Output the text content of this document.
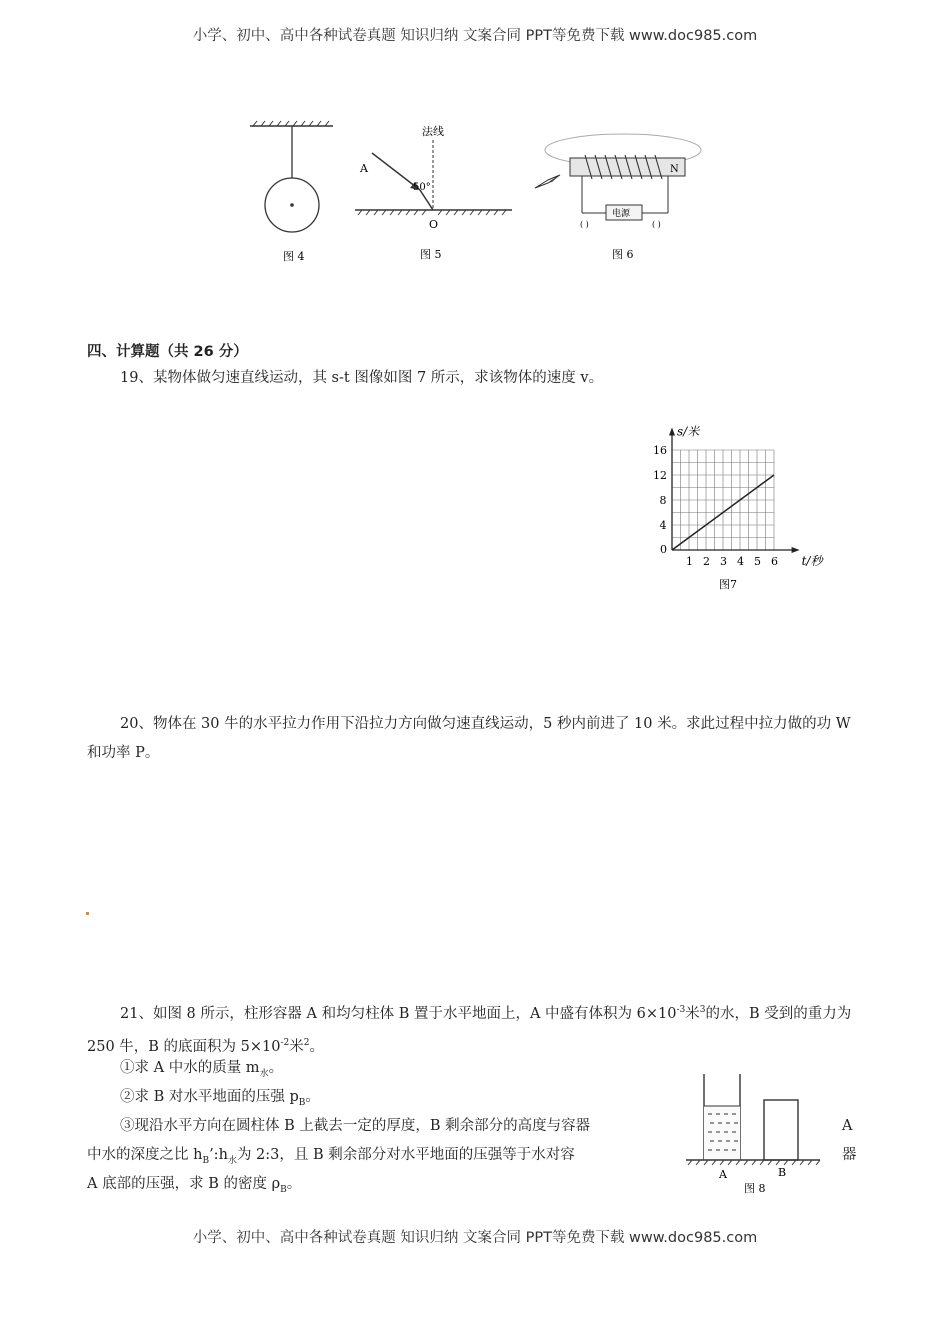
小学、初中、高中各种试卷真题 知识归纳 文案合同 PPT等免费下载 www.doc985.com
图 4
法线
A
50°
O
图 5
N
电源
( )	( )
图 6
四、计算题（共 26 分）
19、某物体做匀速直线运动，其 s-t 图像如图 7 所示，求该物体的速度 v。
s/米
t/秒
0
图7
1 2 3 4 5 6
4
8
12
16
20、物体在 30 牛的水平拉力作用下沿拉力方向做匀速直线运动，5 秒内前进了 10 米。求此过程中拉力做的功 W 和功率 P。
21、如图 8 所示，柱形容器 A 和均匀柱体 B 置于水平地面上，A 中盛有体积为 $6\times 10^{-3}$米$^3$的水，B 受到的重力为 250 牛，B 的底面积为 $5\times 10^{-2}$米$^2$。
①求 A 中水的质量 $m_水$。
②求 B 对水平地面的压强 $p_B$。
③现沿水平方向在圆柱体 B 上截去一定的厚度，B 剩余部分的高度与容器	A
中水的深度之比 $h_B’:h_水$为 2:3，且 B 剩余部分对水平地面的压强等于水对容	器
A 底部的压强，求 B 的密度 $\rho_B$。
A	B
图 8
小学、初中、高中各种试卷真题 知识归纳 文案合同 PPT等免费下载 www.doc985.com
